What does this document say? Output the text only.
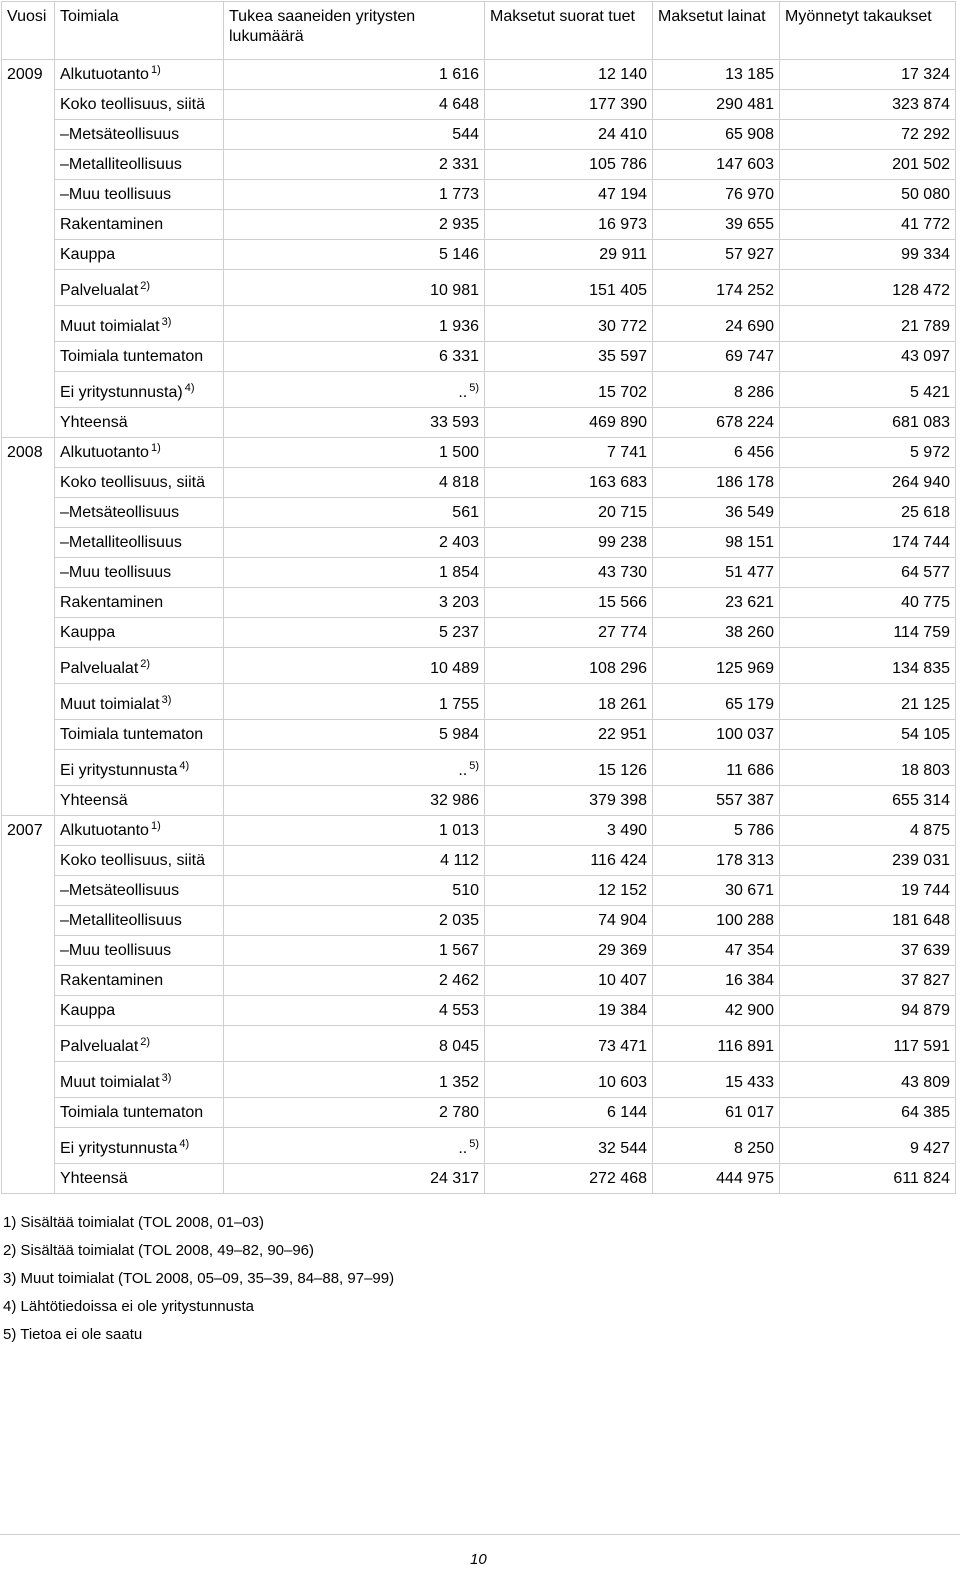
Vuosi	Toimiala	Tukea saaneiden yritysten lukumäärä	Maksetut suorat tuet	Maksetut lainat	Myönnetyt takaukset
2009	Alkutuotanto $^{1)}$	1 616	12 140	13 185	17 324
	Koko teollisuus, siitä	4 648	177 390	290 481	323 874
	–Metsäteollisuus	544	24 410	65 908	72 292
	–Metalliteollisuus	2 331	105 786	147 603	201 502
	–Muu teollisuus	1 773	47 194	76 970	50 080
	Rakentaminen	2 935	16 973	39 655	41 772
	Kauppa	5 146	29 911	57 927	99 334
	Palvelualat $^{2)}$	10 981	151 405	174 252	128 472
	Muut toimialat $^{3)}$	1 936	30 772	24 690	21 789
	Toimiala tuntematon	6 331	35 597	69 747	43 097
	Ei yritystunnusta) $^{4)}$	.. $^{5)}$	15 702	8 286	5 421
	Yhteensä	33 593	469 890	678 224	681 083
2008	Alkutuotanto $^{1)}$	1 500	7 741	6 456	5 972
	Koko teollisuus, siitä	4 818	163 683	186 178	264 940
	–Metsäteollisuus	561	20 715	36 549	25 618
	–Metalliteollisuus	2 403	99 238	98 151	174 744
	–Muu teollisuus	1 854	43 730	51 477	64 577
	Rakentaminen	3 203	15 566	23 621	40 775
	Kauppa	5 237	27 774	38 260	114 759
	Palvelualat $^{2)}$	10 489	108 296	125 969	134 835
	Muut toimialat $^{3)}$	1 755	18 261	65 179	21 125
	Toimiala tuntematon	5 984	22 951	100 037	54 105
	Ei yritystunnusta $^{4)}$	.. $^{5)}$	15 126	11 686	18 803
	Yhteensä	32 986	379 398	557 387	655 314
2007	Alkutuotanto $^{1)}$	1 013	3 490	5 786	4 875
	Koko teollisuus, siitä	4 112	116 424	178 313	239 031
	–Metsäteollisuus	510	12 152	30 671	19 744
	–Metalliteollisuus	2 035	74 904	100 288	181 648
	–Muu teollisuus	1 567	29 369	47 354	37 639
	Rakentaminen	2 462	10 407	16 384	37 827
	Kauppa	4 553	19 384	42 900	94 879
	Palvelualat $^{2)}$	8 045	73 471	116 891	117 591
	Muut toimialat $^{3)}$	1 352	10 603	15 433	43 809
	Toimiala tuntematon	2 780	6 144	61 017	64 385
	Ei yritystunnusta $^{4)}$	.. $^{5)}$	32 544	8 250	9 427
	Yhteensä	24 317	272 468	444 975	611 824
1) Sisältää toimialat (TOL 2008, 01–03)
2) Sisältää toimialat (TOL 2008, 49–82, 90–96)
3) Muut toimialat (TOL 2008, 05–09, 35–39, 84–88, 97–99)
4) Lähtötiedoissa ei ole yritystunnusta
5) Tietoa ei ole saatu
10
